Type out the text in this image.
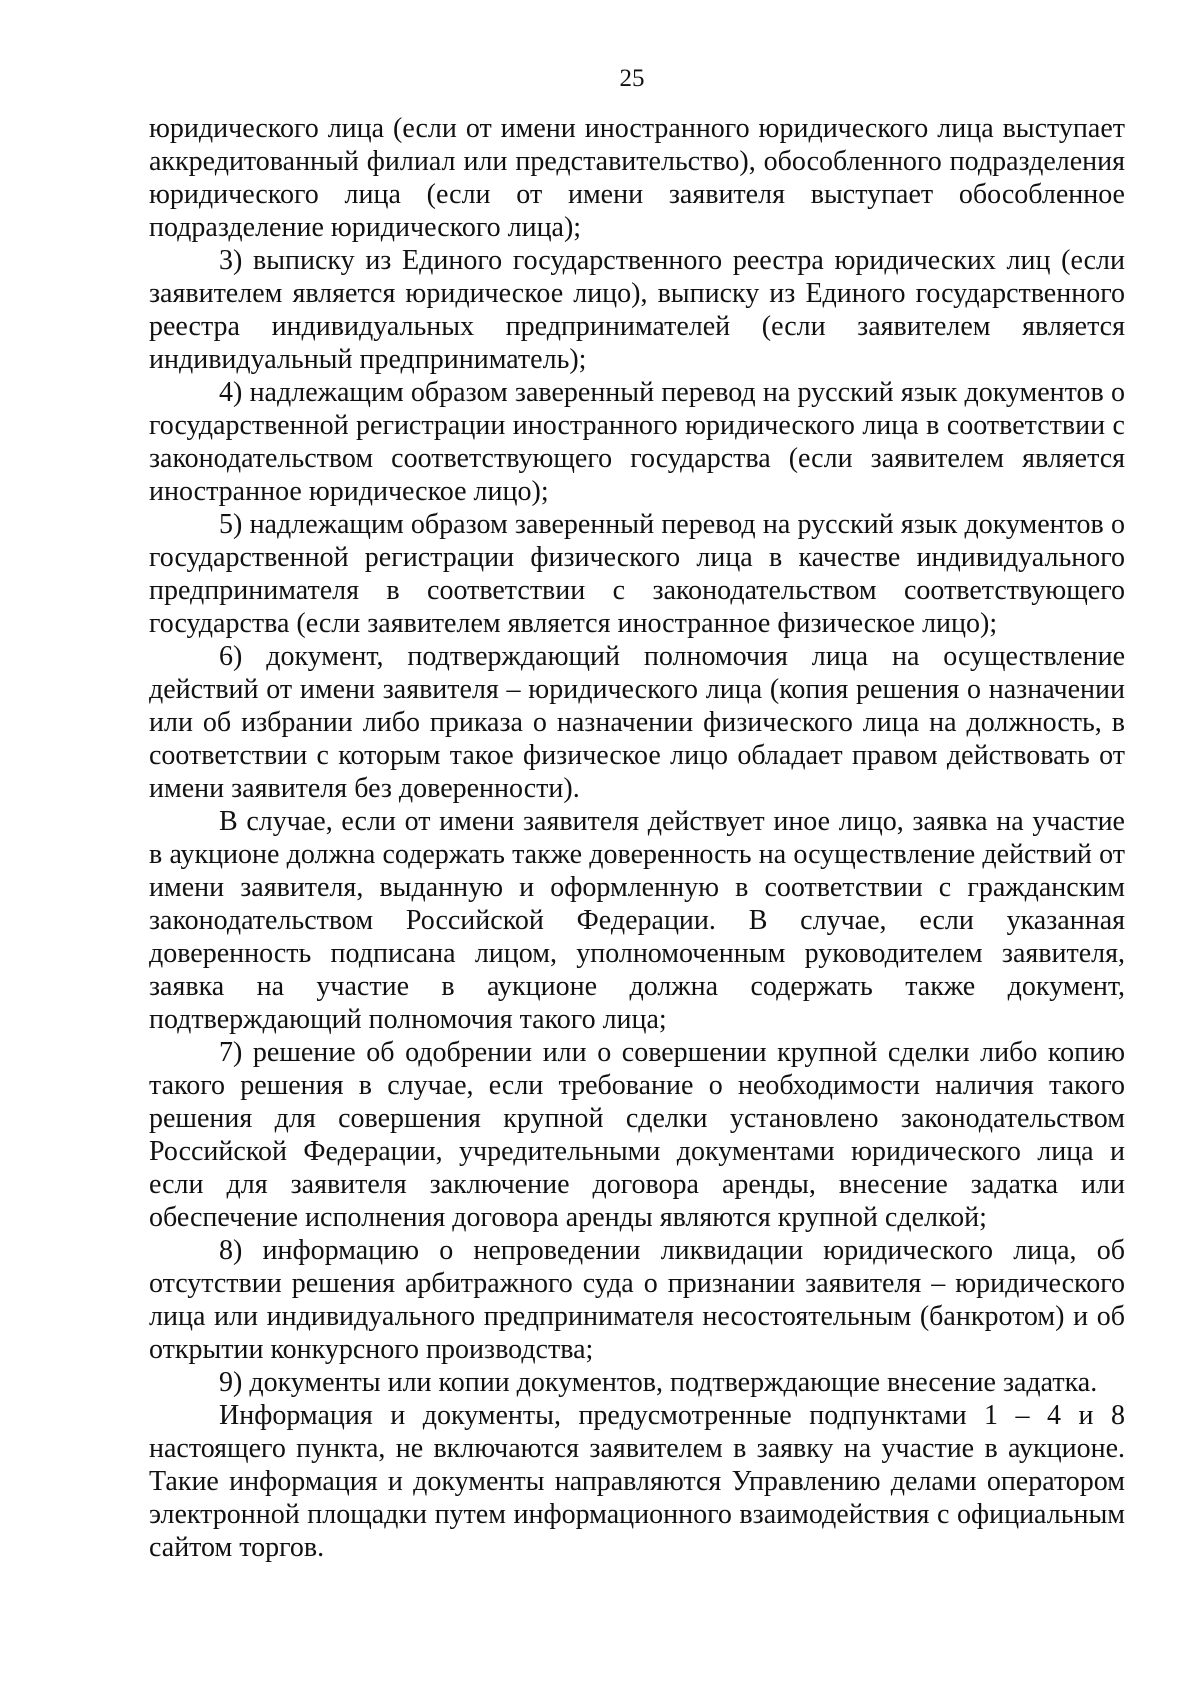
25

юридического лица (если от имени иностранного юридического лица выступает аккредитованный филиал или представительство), обособленного подразделения юридического лица (если от имени заявителя выступает обособленное подразделение юридического лица);

3) выписку из Единого государственного реестра юридических лиц (если заявителем является юридическое лицо), выписку из Единого государственного реестра индивидуальных предпринимателей (если заявителем является индивидуальный предприниматель);

4) надлежащим образом заверенный перевод на русский язык документов о государственной регистрации иностранного юридического лица в соответствии с законодательством соответствующего государства (если заявителем является иностранное юридическое лицо);

5) надлежащим образом заверенный перевод на русский язык документов о государственной регистрации физического лица в качестве индивидуального предпринимателя в соответствии с законодательством соответствующего государства (если заявителем является иностранное физическое лицо);

6) документ, подтверждающий полномочия лица на осуществление действий от имени заявителя – юридического лица (копия решения о назначении или об избрании либо приказа о назначении физического лица на должность, в соответствии с которым такое физическое лицо обладает правом действовать от имени заявителя без доверенности).

В случае, если от имени заявителя действует иное лицо, заявка на участие в аукционе должна содержать также доверенность на осуществление действий от имени заявителя, выданную и оформленную в соответствии с гражданским законодательством Российской Федерации. В случае, если указанная доверенность подписана лицом, уполномоченным руководителем заявителя, заявка на участие в аукционе должна содержать также документ, подтверждающий полномочия такого лица;

7) решение об одобрении или о совершении крупной сделки либо копию такого решения в случае, если требование о необходимости наличия такого решения для совершения крупной сделки установлено законодательством Российской Федерации, учредительными документами юридического лица и если для заявителя заключение договора аренды, внесение задатка или обеспечение исполнения договора аренды являются крупной сделкой;

8) информацию о непроведении ликвидации юридического лица, об отсутствии решения арбитражного суда о признании заявителя – юридического лица или индивидуального предпринимателя несостоятельным (банкротом) и об открытии конкурсного производства;

9) документы или копии документов, подтверждающие внесение задатка.

Информация и документы, предусмотренные подпунктами 1 – 4 и 8 настоящего пункта, не включаются заявителем в заявку на участие в аукционе. Такие информация и документы направляются Управлению делами оператором электронной площадки путем информационного взаимодействия с официальным сайтом торгов.
